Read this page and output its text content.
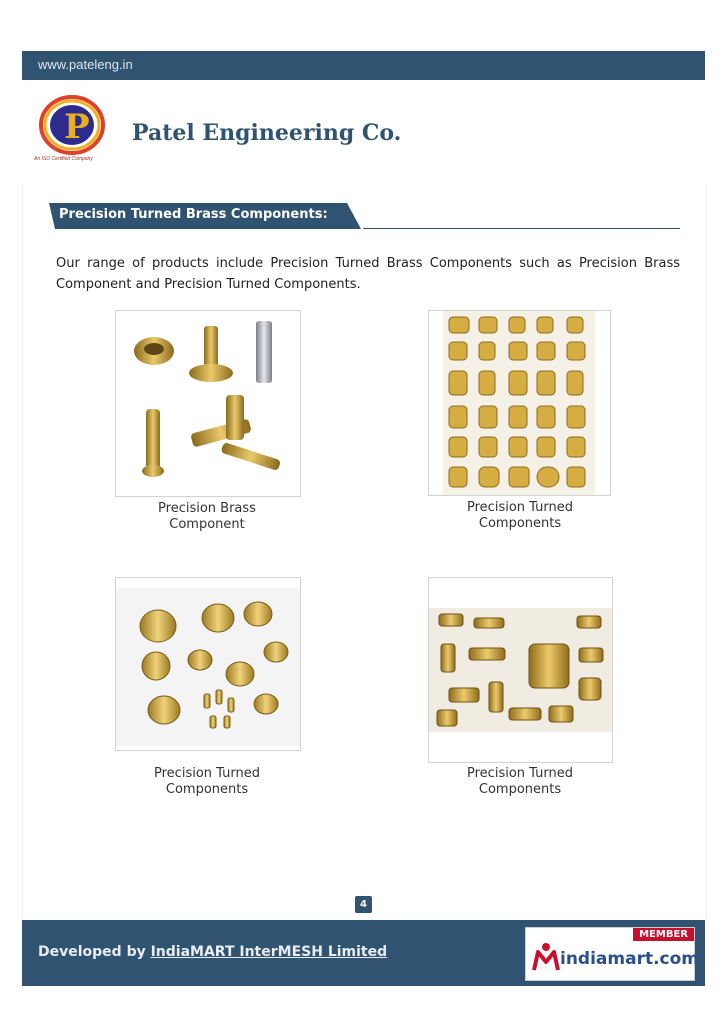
www.pateleng.in
P
An ISO Certified Company
Patel Engineering Co.
Precision Turned Brass Components:

Our range of products include Precision Turned Brass Components such as Precision Brass Component and Precision Turned Components.

Precision Brass
Component
Precision Turned
Components
Precision Turned
Components
Precision Turned
Components
4
Developed by IndiaMART InterMESH Limited
MEMBER
indiamart.com
